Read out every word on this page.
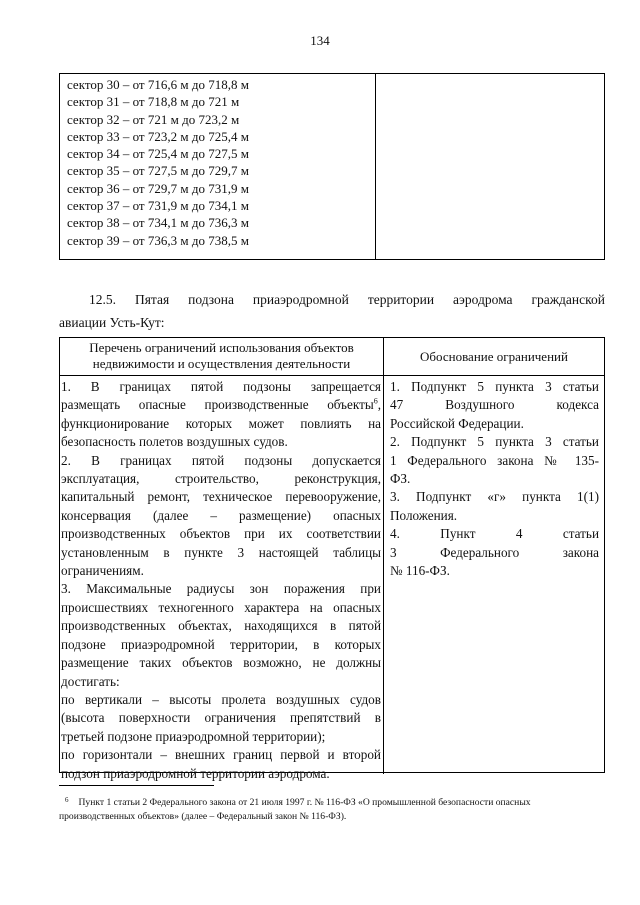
134
сектор 30 – от 716,6 м до 718,8 м
сектор 31 – от 718,8 м до 721 м
сектор 32 – от 721 м до 723,2 м
сектор 33 – от 723,2 м до 725,4 м
сектор 34 – от 725,4 м до 727,5 м
сектор 35 – от 727,5 м до 729,7 м
сектор 36 – от 729,7 м до 731,9 м
сектор 37 – от 731,9 м до 734,1 м
сектор 38 – от 734,1 м до 736,3 м
сектор 39 – от 736,3 м до 738,5 м
12.5. Пятая подзона приаэродромной территории аэродрома гражданской
авиации Усть-Кут:
Перечень ограничений использования объектов
недвижимости и осуществления деятельности	Обоснование ограничений
1. В границах пятой подзоны запрещается
размещать опасные производственные объекты$^6$,
функционирование которых может повлиять на
безопасность полетов воздушных судов.
2. В границах пятой подзоны допускается
эксплуатация, строительство, реконструкция,
капитальный ремонт, техническое перевооружение,
консервация (далее – размещение) опасных
производственных объектов при их соответствии
установленным в пункте 3 настоящей таблицы
ограничениям.
3. Максимальные радиусы зон поражения при
происшествиях техногенного характера на опасных
производственных объектах, находящихся в пятой
подзоне приаэродромной территории, в которых
размещение таких объектов возможно, не должны
достигать:
по вертикали – высоты пролета воздушных судов
(высота поверхности ограничения препятствий в
третьей подзоне приаэродромной территории);
по горизонтали – внешних границ первой и второй
подзон приаэродромной территории аэродрома.
1. Подпункт 5 пункта 3 статьи
47 Воздушного кодекса
Российской Федерации.
2. Подпункт 5 пункта 3 статьи
1 Федерального закона № 135-
ФЗ.
3. Подпункт «г» пункта 1(1)
Положения.
4. Пункт 4 статьи
3 Федерального закона
№ 116-ФЗ.
$^6$ Пункт 1 статьи 2 Федерального закона от 21 июля 1997 г. № 116-ФЗ «О промышленной безопасности опасных
производственных объектов» (далее – Федеральный закон № 116-ФЗ).
